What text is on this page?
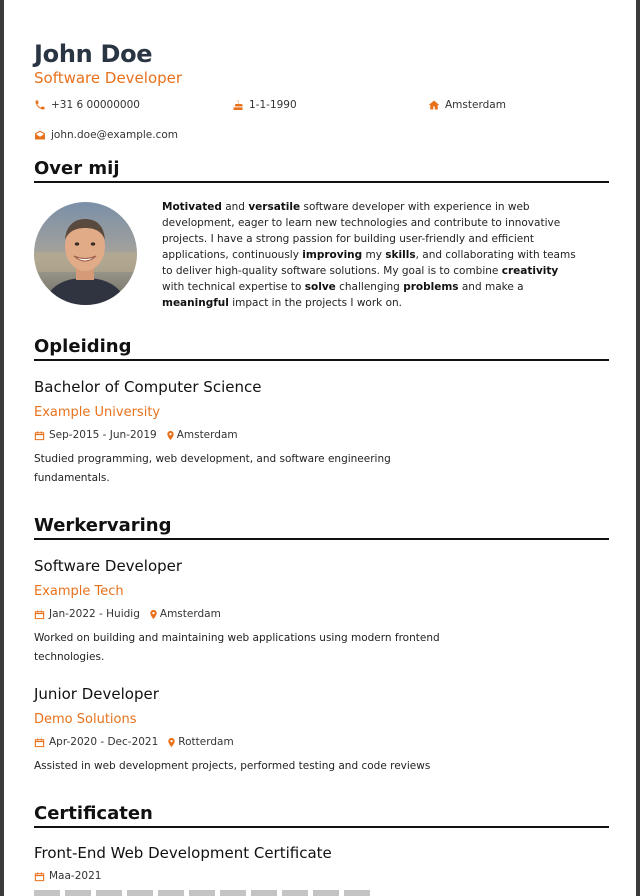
John Doe
Software Developer
+31 6 00000000	1-1-1990	Amsterdam
john.doe@example.com
Over mij
Motivated and versatile software developer with experience in web development, eager to learn new technologies and contribute to innovative projects. I have a strong passion for building user-friendly and efficient applications, continuously improving my skills, and collaborating with teams to deliver high-quality software solutions. My goal is to combine creativity with technical expertise to solve challenging problems and make a meaningful impact in the projects I work on.
Opleiding
Bachelor of Computer Science
Example University
Sep-2015 - Jun-2019 Amsterdam
Studied programming, web development, and software engineering fundamentals.
Werkervaring
Software Developer
Example Tech
Jan-2022 - Huidig Amsterdam
Worked on building and maintaining web applications using modern frontend technologies.
Junior Developer
Demo Solutions
Apr-2020 - Dec-2021 Rotterdam
Assisted in web development projects, performed testing and code reviews
Certificaten
Front-End Web Development Certificate
Maa-2021
